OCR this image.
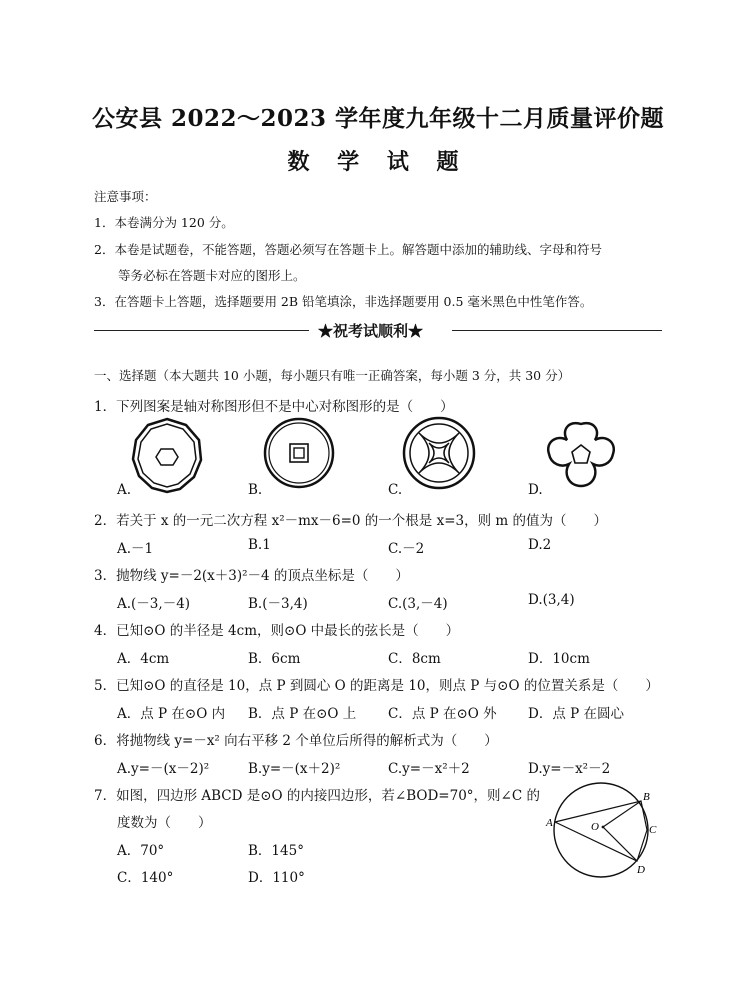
公安县 2022～2023 学年度九年级十二月质量评价题
数 学 试 题
注意事项：
1．本卷满分为 120 分。
2．本卷是试题卷，不能答题，答题必须写在答题卡上。解答题中添加的辅助线、字母和符号
等务必标在答题卡对应的图形上。
3．在答题卡上答题，选择题要用 2B 铅笔填涂，非选择题要用 0.5 毫米黑色中性笔作答。
★祝考试顺利★
一、选择题（本大题共 10 小题，每小题只有唯一正确答案，每小题 3 分，共 30 分）
1．下列图案是轴对称图形但不是中心对称图形的是（　　）
A.	B.	C.	D.
2．若关于 x 的一元二次方程 x²－mx－6=0 的一个根是 x=3，则 m 的值为（　　）
A.－1	B.1	C.－2	D.2
3．抛物线 y=－2(x＋3)²－4 的顶点坐标是（　　）
A.(－3,－4)	B.(－3,4)	C.(3,－4)	D.(3,4)
4．已知⊙O 的半径是 4cm，则⊙O 中最长的弦长是（　　）
A．4cm	B．6cm	C．8cm	D．10cm
5．已知⊙O 的直径是 10，点 P 到圆心 O 的距离是 10，则点 P 与⊙O 的位置关系是（　　）
A．点 P 在⊙O 内 B．点 P 在⊙O 上 C．点 P 在⊙O 外 D．点 P 在圆心
6．将抛物线 y=－x² 向右平移 2 个单位后所得的解析式为（　　）
A.y=－(x－2)²	B.y=－(x＋2)²	C.y=－x²＋2	D.y=－x²－2
7．如图，四边形 ABCD 是⊙O 的内接四边形，若∠BOD=70°，则∠C 的
度数为（　　）
A．70°	B．145°
C．140°	D．110°
A
B
C
D
O
